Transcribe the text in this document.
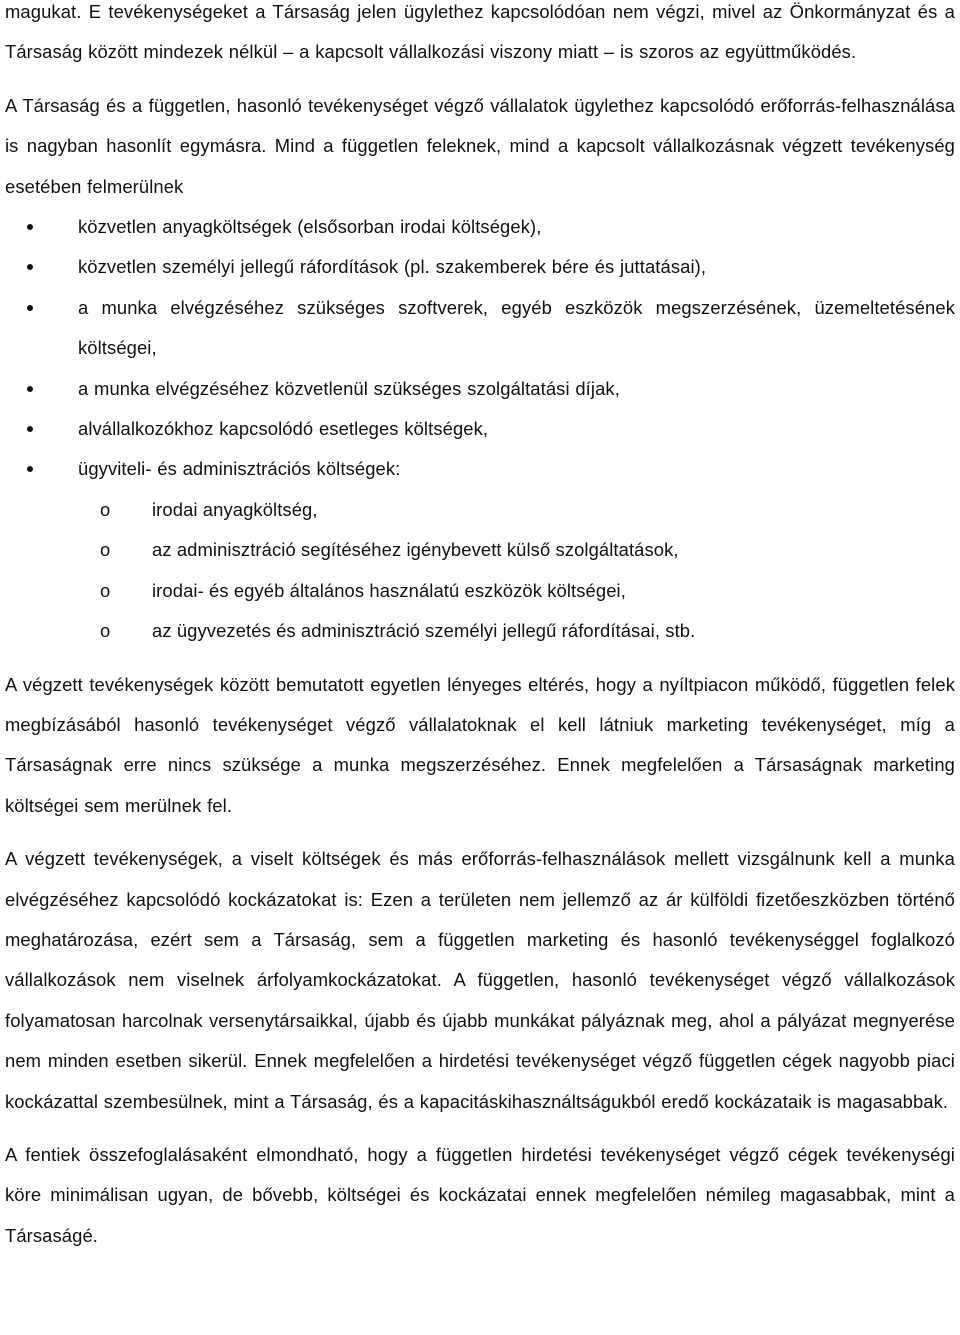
magukat. E tevékenységeket a Társaság jelen ügylethez kapcsolódóan nem végzi, mivel az Önkormányzat és a Társaság között mindezek nélkül – a kapcsolt vállalkozási viszony miatt – is szoros az együttműködés.

A Társaság és a független, hasonló tevékenységet végző vállalatok ügylethez kapcsolódó erőforrás-felhasználása is nagyban hasonlít egymásra. Mind a független feleknek, mind a kapcsolt vállalkozásnak végzett tevékenység esetében felmerülnek

közvetlen anyagköltségek (elsősorban irodai költségek),
közvetlen személyi jellegű ráfordítások (pl. szakemberek bére és juttatásai),
a munka elvégzéséhez szükséges szoftverek, egyéb eszközök megszerzésének, üzemeltetésének költségei,
a munka elvégzéséhez közvetlenül szükséges szolgáltatási díjak,
alvállalkozókhoz kapcsolódó esetleges költségek,
ügyviteli- és adminisztrációs költségek:
o irodai anyagköltség,
o az adminisztráció segítéséhez igénybevett külső szolgáltatások,
o irodai- és egyéb általános használatú eszközök költségei,
o az ügyvezetés és adminisztráció személyi jellegű ráfordításai, stb.

A végzett tevékenységek között bemutatott egyetlen lényeges eltérés, hogy a nyíltpiacon működő, független felek megbízásából hasonló tevékenységet végző vállalatoknak el kell látniuk marketing tevékenységet, míg a Társaságnak erre nincs szüksége a munka megszerzéséhez. Ennek megfelelően a Társaságnak marketing költségei sem merülnek fel.

A végzett tevékenységek, a viselt költségek és más erőforrás-felhasználások mellett vizsgálnunk kell a munka elvégzéséhez kapcsolódó kockázatokat is: Ezen a területen nem jellemző az ár külföldi fizetőeszközben történő meghatározása, ezért sem a Társaság, sem a független marketing és hasonló tevékenységgel foglalkozó vállalkozások nem viselnek árfolyamkockázatokat. A független, hasonló tevékenységet végző vállalkozások folyamatosan harcolnak versenytársaikkal, újabb és újabb munkákat pályáznak meg, ahol a pályázat megnyerése nem minden esetben sikerül. Ennek megfelelően a hirdetési tevékenységet végző független cégek nagyobb piaci kockázattal szembesülnek, mint a Társaság, és a kapacitáskihasználtságukból eredő kockázataik is magasabbak.

A fentiek összefoglalásaként elmondható, hogy a független hirdetési tevékenységet végző cégek tevékenységi köre minimálisan ugyan, de bővebb, költségei és kockázatai ennek megfelelően némileg magasabbak, mint a Társaságé.
